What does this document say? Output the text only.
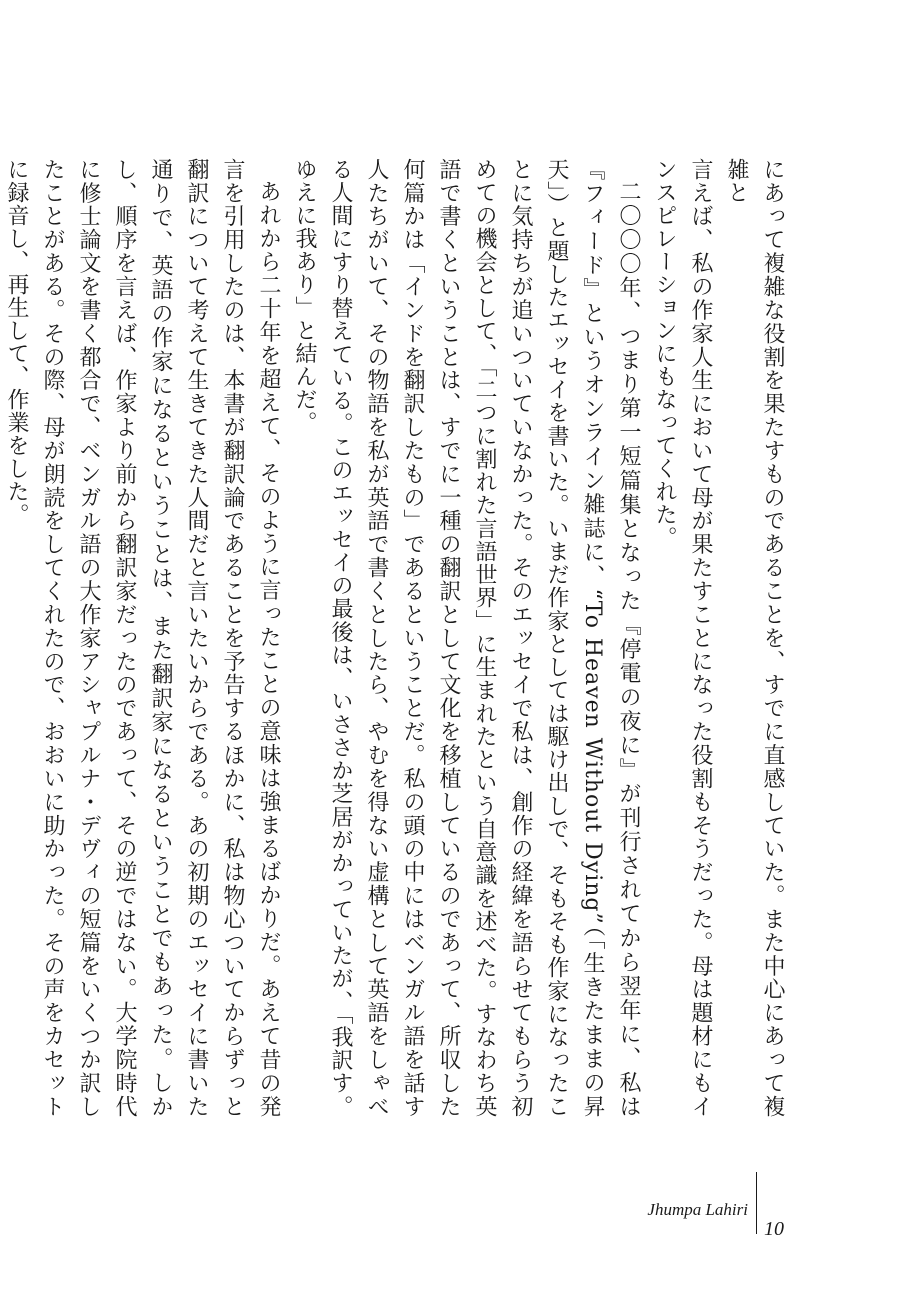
にあって複雑な役割を果たすものであることを、すでに直感していた。また中心にあって複雑と

言えば、私の作家人生において母が果たすことになった役割もそうだった。母は題材にもインスピレーションにもなってくれた。

二〇〇〇年、つまり第一短篇集となった『停電の夜に』が刊行されてから翌年に、私は『フィード』というオンライン雑誌に、“To Heaven Without Dying”（「生きたままの昇天」）と題したエッセイを書いた。いまだ作家としては駆け出しで、そもそも作家になったことに気持ちが追いついていなかった。そのエッセイで私は、創作の経緯を語らせてもらう初めての機会として、「二つに割れた言語世界」に生まれたという自意識を述べた。すなわち英語で書くということは、すでに一種の翻訳として文化を移植しているのであって、所収した何篇かは「インドを翻訳したもの」であるということだ。私の頭の中にはベンガル語を話す人たちがいて、その物語を私が英語で書くとしたら、やむを得ない虚構として英語をしゃべる人間にすり替えている。このエッセイの最後は、いささか芝居がかっていたが、「我訳す。ゆえに我あり」と結んだ。

あれから二十年を超えて、そのように言ったことの意味は強まるばかりだ。あえて昔の発言を引用したのは、本書が翻訳論であることを予告するほかに、私は物心ついてからずっと翻訳について考えて生きてきた人間だと言いたいからである。あの初期のエッセイに書いた通りで、英語の作家になるということは、また翻訳家になるということでもあった。しかし、順序を言えば、作家より前から翻訳家だったのであって、その逆ではない。大学院時代に修士論文を書く都合で、ベンガル語の大作家アシャプルナ・デヴィの短篇をいくつか訳したことがある。その際、母が朗読をしてくれたので、おおいに助かった。その声をカセットに録音し、再生して、作業をした。

Jhumpa Lahiri
10
